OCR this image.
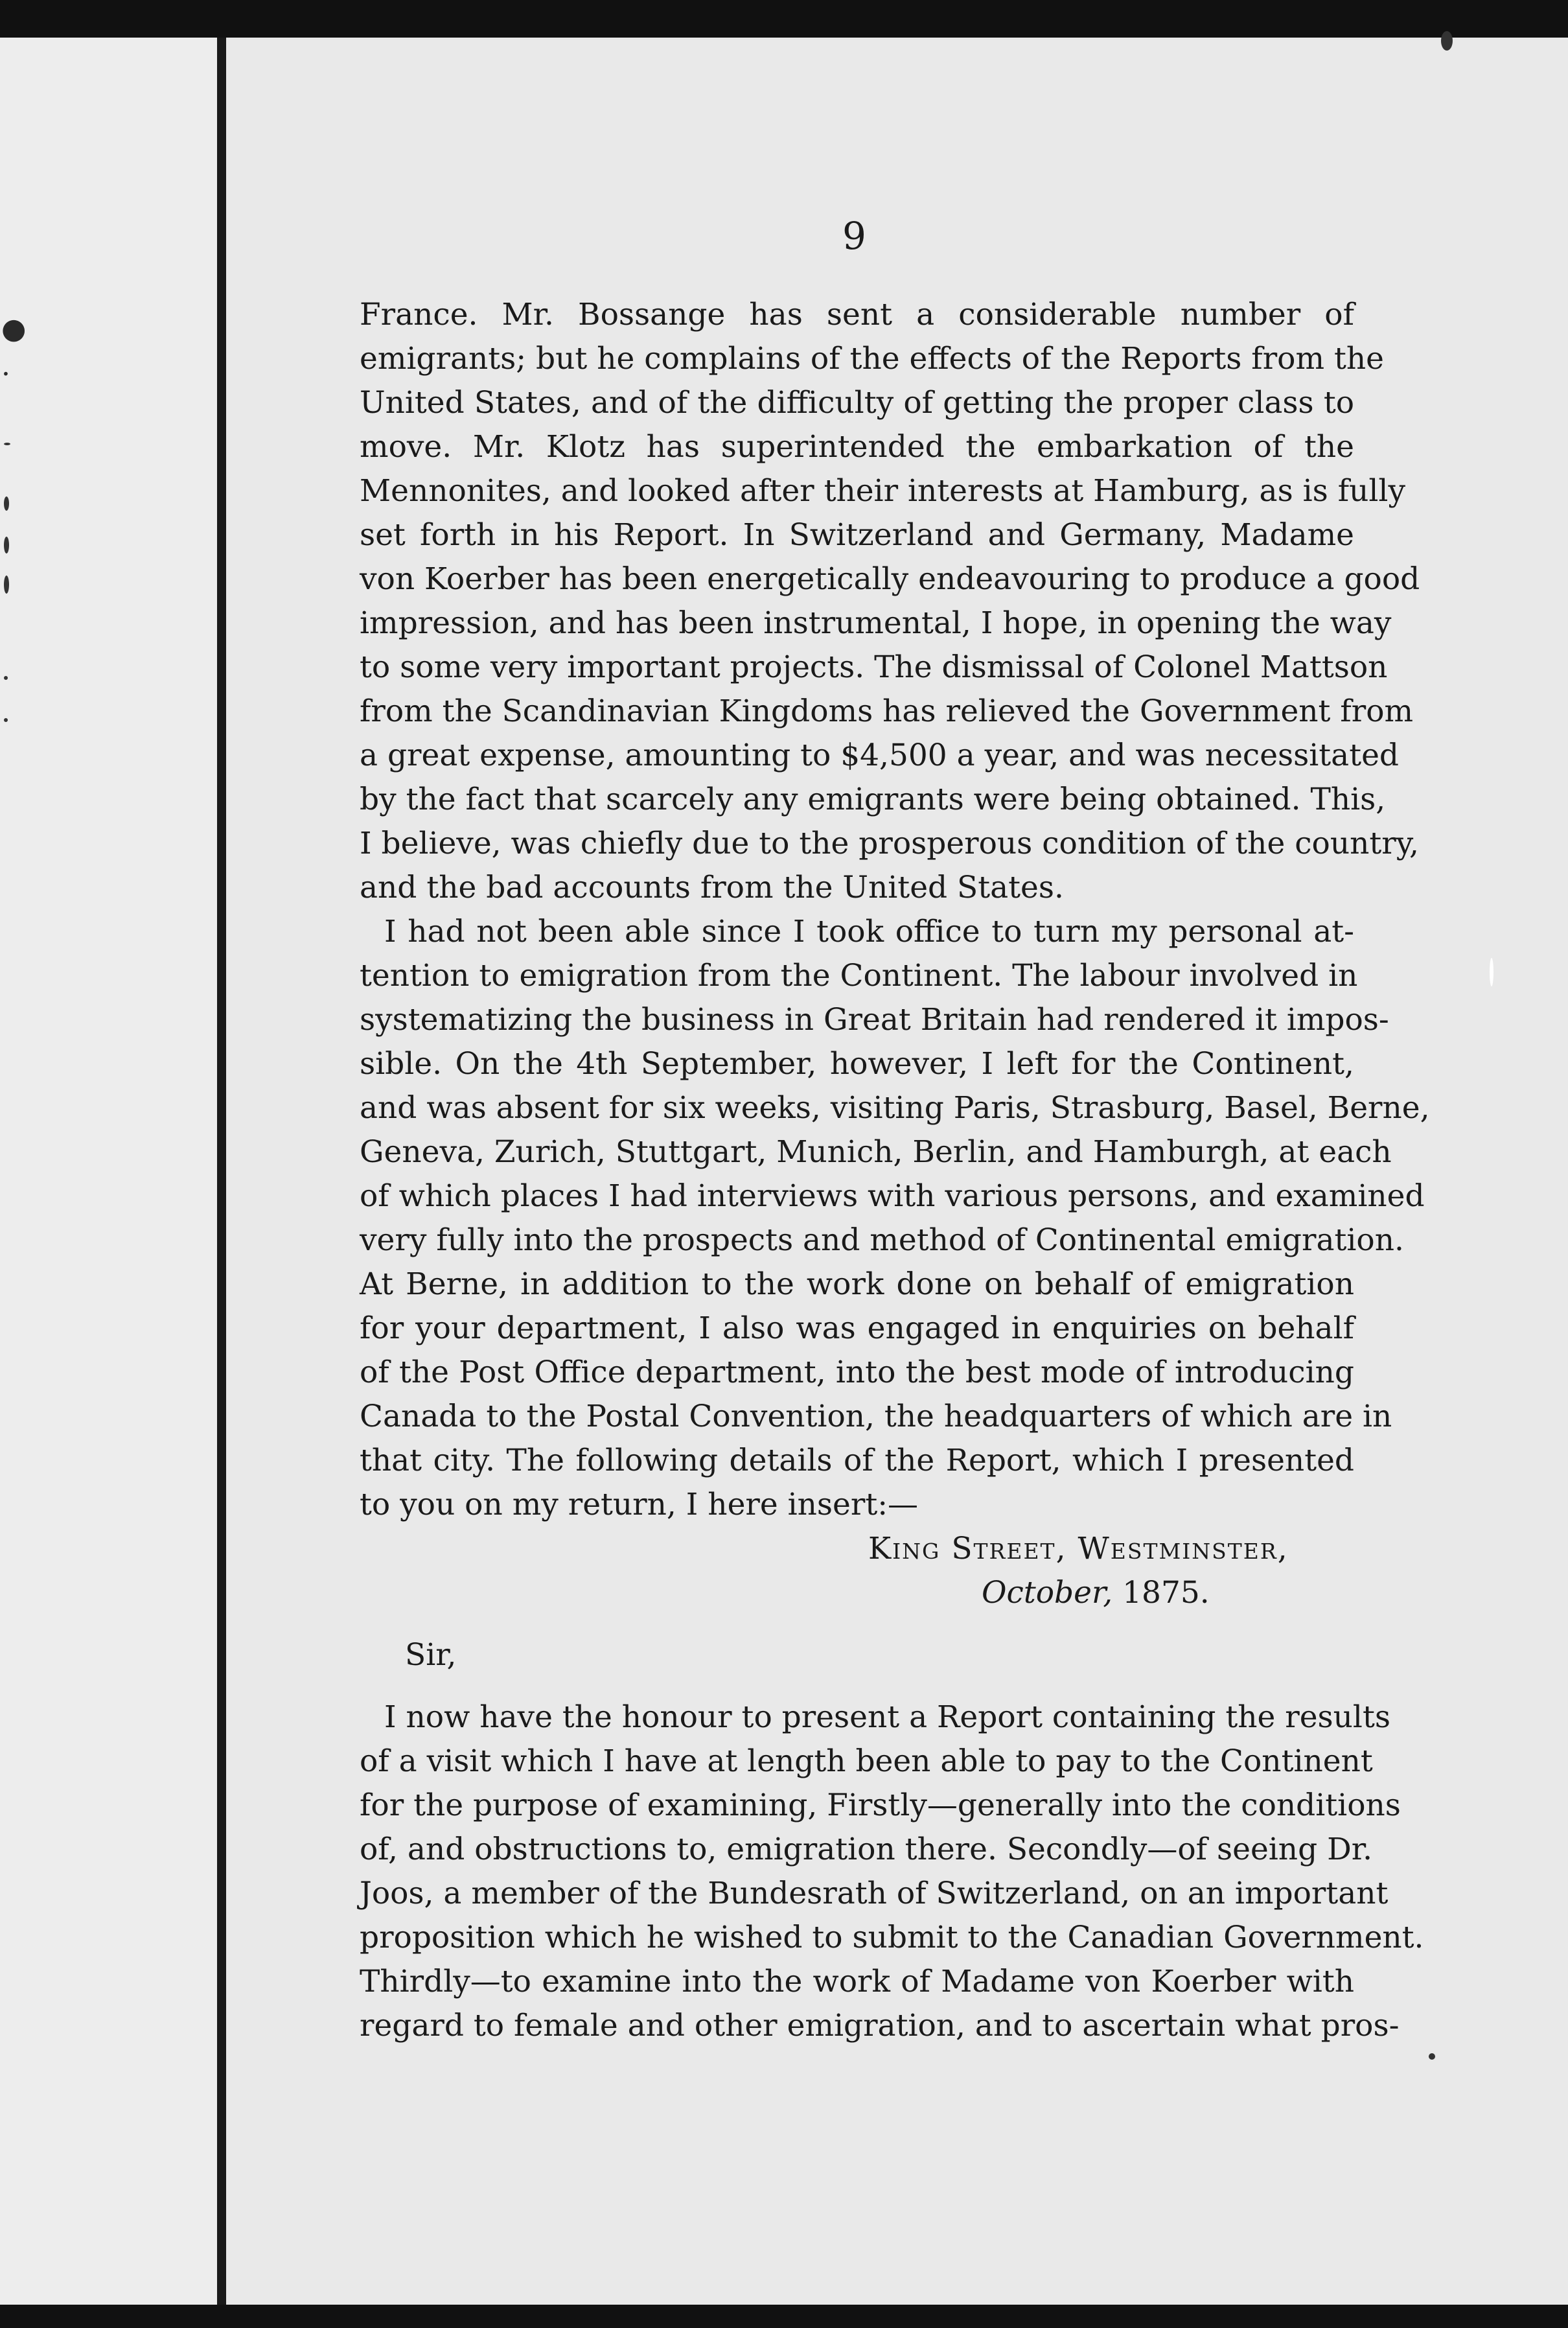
●
·
9
France. Mr. Bossange has sent a considerable number of
emigrants; but he complains of the effects of the Reports from the
United States, and of the difficulty of getting the proper class to
move. Mr. Klotz has superintended the embarkation of the
Mennonites, and looked after their interests at Hamburg, as is fully
set forth in his Report. In Switzerland and Germany, Madame
von Koerber has been energetically endeavouring to produce a good
impression, and has been instrumental, I hope, in opening the way
to some very important projects. The dismissal of Colonel Mattson
from the Scandinavian Kingdoms has relieved the Government from
a great expense, amounting to $4,500 a year, and was necessitated
by the fact that scarcely any emigrants were being obtained. This,
I believe, was chiefly due to the prosperous condition of the country,
and the bad accounts from the United States.
I had not been able since I took office to turn my personal at-
tention to emigration from the Continent. The labour involved in
systematizing the business in Great Britain had rendered it impos-
sible. On the 4th September, however, I left for the Continent,
and was absent for six weeks, visiting Paris, Strasburg, Basel, Berne,
Geneva, Zurich, Stuttgart, Munich, Berlin, and Hamburgh, at each
of which places I had interviews with various persons, and examined
very fully into the prospects and method of Continental emigration.
At Berne, in addition to the work done on behalf of emigration
for your department, I also was engaged in enquiries on behalf
of the Post Office department, into the best mode of introducing
Canada to the Postal Convention, the headquarters of which are in
that city. The following details of the Report, which I presented
to you on my return, I here insert:—
Sir,
I now have the honour to present a Report containing the results
of a visit which I have at length been able to pay to the Continent
for the purpose of examining, Firstly—generally into the conditions
of, and obstructions to, emigration there. Secondly—of seeing Dr.
Joos, a member of the Bundesrath of Switzerland, on an important
proposition which he wished to submit to the Canadian Government.
Thirdly—to examine into the work of Madame von Koerber with
regard to female and other emigration, and to ascertain what pros-
King Street, Westminster,
October, 1875.
